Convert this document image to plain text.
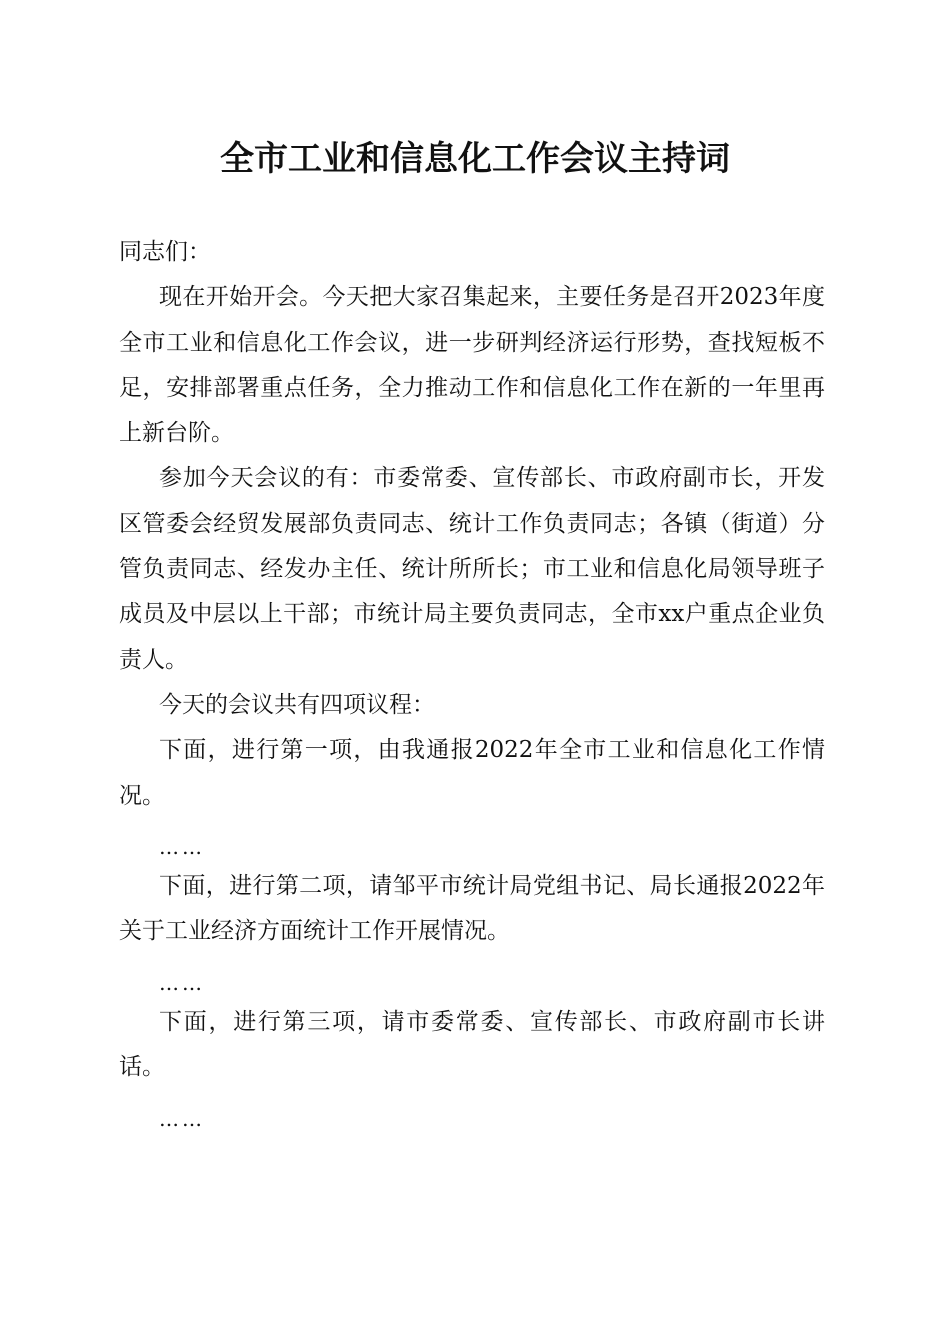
全市工业和信息化工作会议主持词

同志们：

现在开始开会。今天把大家召集起来，主要任务是召开2023年度全市工业和信息化工作会议，进一步研判经济运行形势，查找短板不足，安排部署重点任务，全力推动工作和信息化工作在新的一年里再上新台阶。

参加今天会议的有：市委常委、宣传部长、市政府副市长，开发区管委会经贸发展部负责同志、统计工作负责同志；各镇（街道）分管负责同志、经发办主任、统计所所长；市工业和信息化局领导班子成员及中层以上干部；市统计局主要负责同志，全市xx户重点企业负责人。

今天的会议共有四项议程：

下面，进行第一项，由我通报2022年全市工业和信息化工作情况。

……

下面，进行第二项，请邹平市统计局党组书记、局长通报2022年关于工业经济方面统计工作开展情况。

……

下面，进行第三项，请市委常委、宣传部长、市政府副市长讲话。

……
